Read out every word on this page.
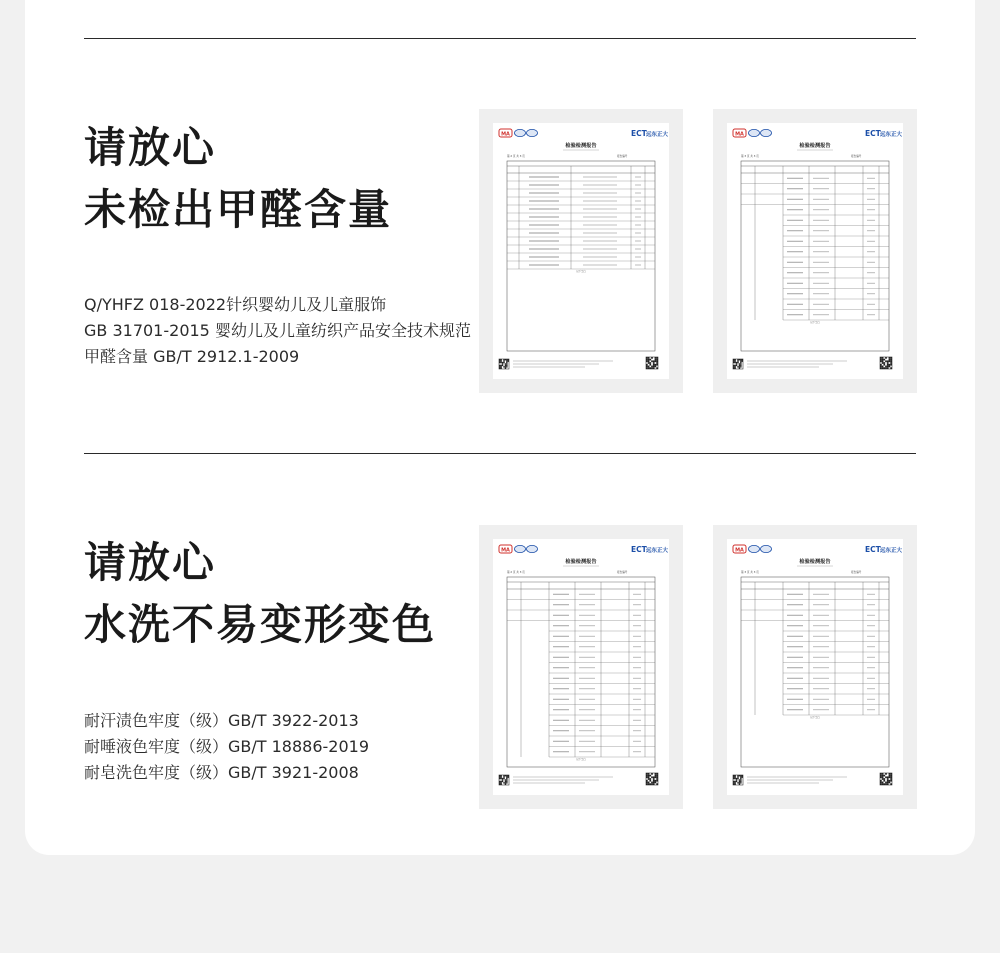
请放心
未检出甲醛含量
Q/YHFZ 018-2022针织婴幼儿及儿童服饰
GB 31701-2015 婴幼儿及儿童纺织产品安全技术规范
甲醛含量 GB/T 2912.1-2009
MA	ECT 远东正大
检验检测报告
第 2 页 共 3 页	报告编号
以下空白
MA	ECT 远东正大
检验检测报告
第 3 页 共 3 页	报告编号
以下空白
请放心
水洗不易变形变色
耐汗渍色牢度（级）GB/T 3922-2013
耐唾液色牢度（级）GB/T 18886-2019
耐皂洗色牢度（级）GB/T 3921-2008
MA	ECT 远东正大
检验检测报告
第 2 页 共 3 页	报告编号
以下空白
MA	ECT 远东正大
检验检测报告
第 3 页 共 3 页	报告编号
以下空白
